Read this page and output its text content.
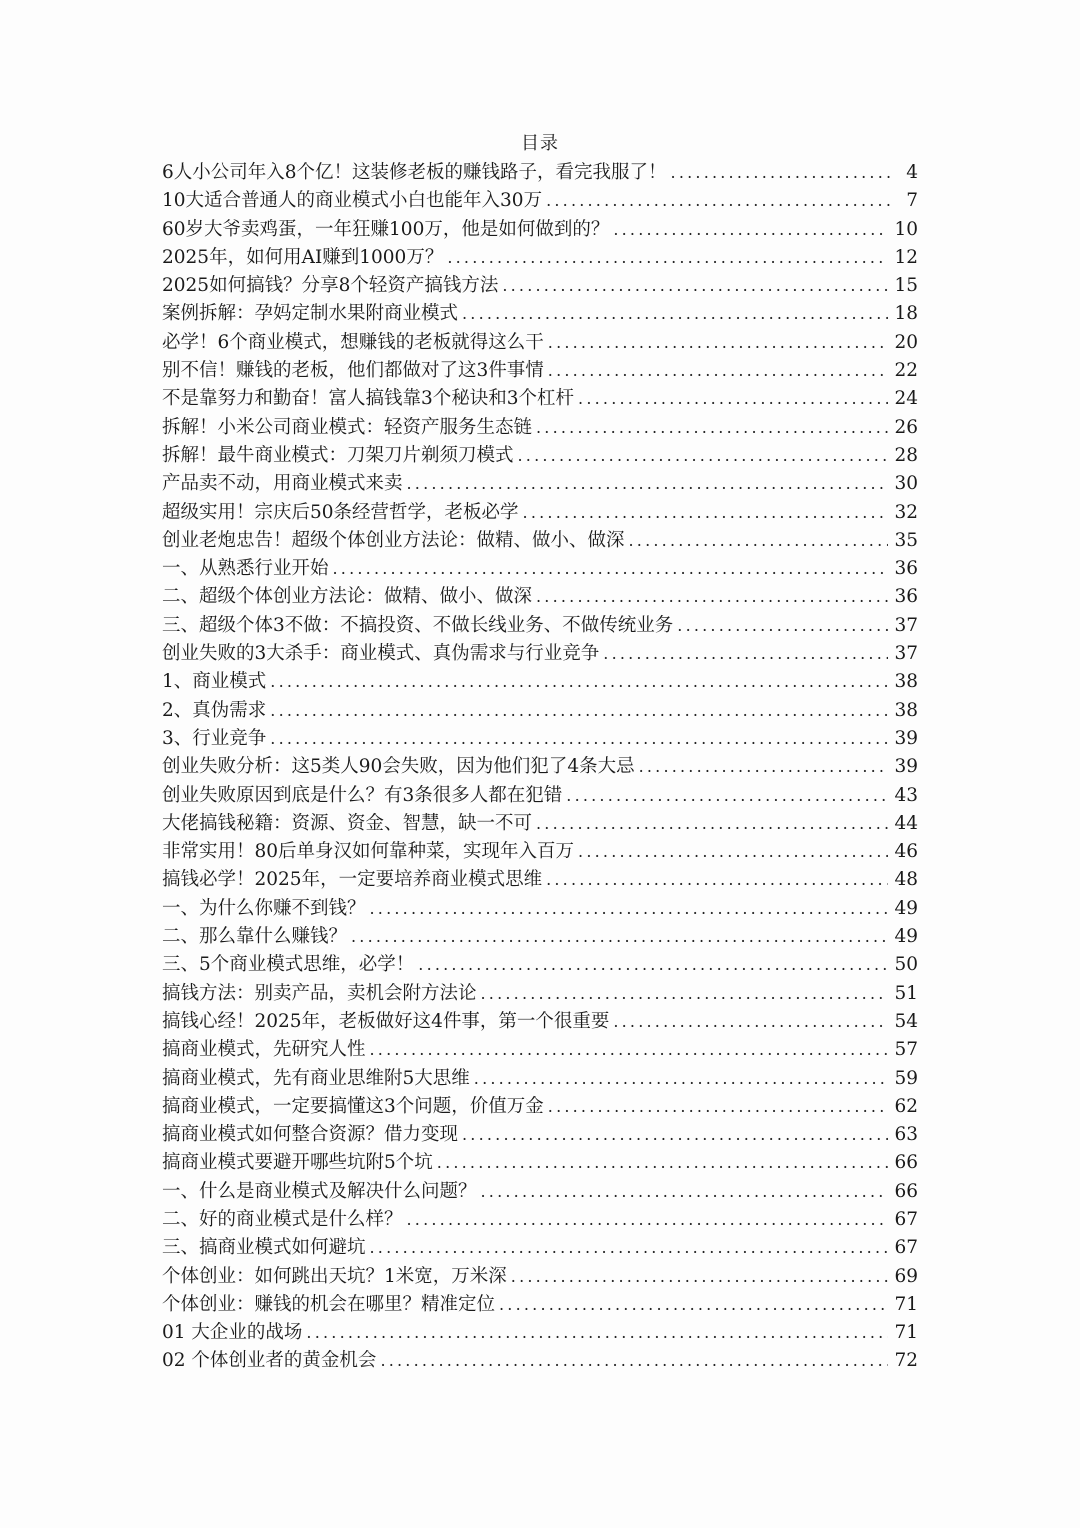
目录
6人小公司年入8个亿！这装修老板的赚钱路子，看完我服了！ .....	4
10大适合普通人的商业模式小白也能年入30万 .....	7
60岁大爷卖鸡蛋，一年狂赚100万，他是如何做到的？ .....	10
2025年，如何用AI赚到1000万？ .....	12
2025如何搞钱？分享8个轻资产搞钱方法 .....	15
案例拆解：孕妈定制水果附商业模式 .....	18
必学！6个商业模式，想赚钱的老板就得这么干 .....	20
别不信！赚钱的老板，他们都做对了这3件事情 .....	22
不是靠努力和勤奋！富人搞钱靠3个秘诀和3个杠杆 .....	24
拆解！小米公司商业模式：轻资产服务生态链 .....	26
拆解！最牛商业模式：刀架刀片剃须刀模式 .....	28
产品卖不动，用商业模式来卖 .....	30
超级实用！宗庆后50条经营哲学，老板必学 .....	32
创业老炮忠告！超级个体创业方法论：做精、做小、做深 .....	35
一、从熟悉行业开始 .....	36
二、超级个体创业方法论：做精、做小、做深 .....	36
三、超级个体3不做：不搞投资、不做长线业务、不做传统业务 .....	37
创业失败的3大杀手：商业模式、真伪需求与行业竞争 .....	37
1、商业模式 .....	38
2、真伪需求 .....	38
3、行业竞争 .....	39
创业失败分析：这5类人90会失败，因为他们犯了4条大忌 .....	39
创业失败原因到底是什么？有3条很多人都在犯错 .....	43
大佬搞钱秘籍：资源、资金、智慧，缺一不可 .....	44
非常实用！80后单身汉如何靠种菜，实现年入百万 .....	46
搞钱必学！2025年，一定要培养商业模式思维 .....	48
一、为什么你赚不到钱？ .....	49
二、那么靠什么赚钱？ .....	49
三、5个商业模式思维，必学！ .....	50
搞钱方法：别卖产品，卖机会附方法论 .....	51
搞钱心经！2025年，老板做好这4件事，第一个很重要 .....	54
搞商业模式，先研究人性 .....	57
搞商业模式，先有商业思维附5大思维 .....	59
搞商业模式，一定要搞懂这3个问题，价值万金 .....	62
搞商业模式如何整合资源？借力变现 .....	63
搞商业模式要避开哪些坑附5个坑 .....	66
一、什么是商业模式及解决什么问题？ .....	66
二、好的商业模式是什么样？ .....	67
三、搞商业模式如何避坑 .....	67
个体创业：如何跳出天坑？1米宽，万米深 .....	69
个体创业：赚钱的机会在哪里？精准定位 .....	71
01 大企业的战场 .....	71
02 个体创业者的黄金机会 .....	72
